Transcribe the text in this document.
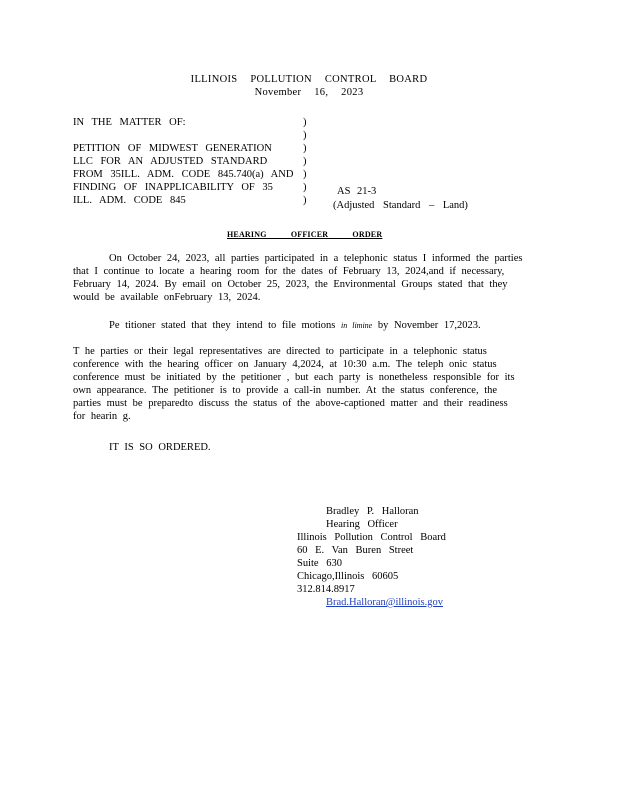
ILLINOIS POLLUTION CONTROL BOARD
November 16, 2023
IN THE MATTER OF:

PETITION OF MIDWEST GENERATION
LLC FOR AN ADJUSTED STANDARD
FROM 35ILL. ADM. CODE 845.740(a) AND
FINDING OF INAPPLICABILITY OF 35
ILL. ADM. CODE 845
)
)
)
)
)
)
)
AS 21-3
(Adjusted Standard – Land)
HEARING OFFICER ORDER
On October 24, 2023, all parties participated in a telephonic status I informed the parties
that I continue to locate a hearing room for the dates of February 13, 2024,and if necessary,
February 14, 2024. By email on October 25, 2023, the Environmental Groups stated that they
would be available onFebruary 13, 2024.
Pe titioner stated that they intend to file motions in limine by November 17,2023.
T he parties or their legal representatives are directed to participate in a telephonic status
conference with the hearing officer on January 4,2024, at 10:30 a.m. The teleph onic status
conference must be initiated by the petitioner , but each party is nonetheless responsible for its
own appearance. The petitioner is to provide a call-in number. At the status conference, the
parties must be preparedto discuss the status of the above-captioned matter and their readiness
for hearin g.
IT IS SO ORDERED.
Bradley P. Halloran
Hearing Officer
Illinois Pollution Control Board
60 E. Van Buren Street
Suite 630
Chicago,Illinois 60605
312.814.8917
Brad.Halloran@illinois.gov
